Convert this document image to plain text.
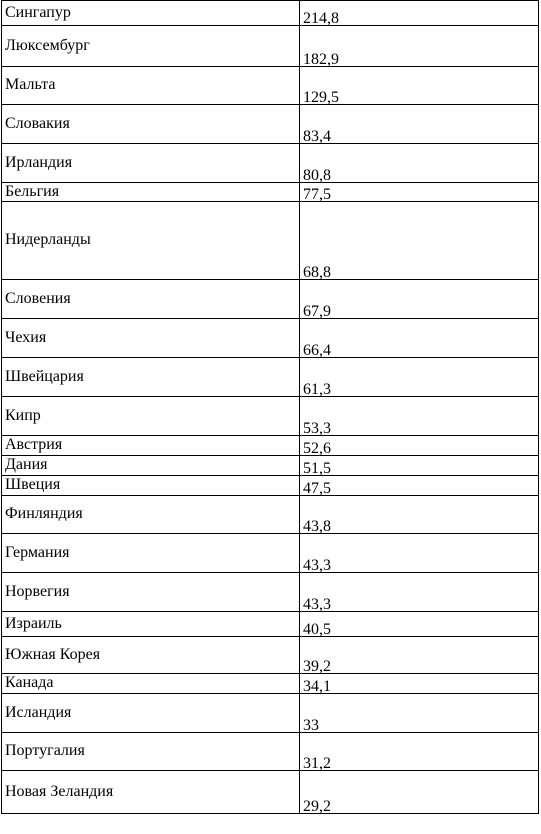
Сингапур	214,8
Люксембург	182,9
Мальта	129,5
Словакия	83,4
Ирландия	80,8
Бельгия	77,5
Нидерланды	68,8
Словения	67,9
Чехия	66,4
Швейцария	61,3
Кипр	53,3
Австрия	52,6
Дания	51,5
Швеция	47,5
Финляндия	43,8
Германия	43,3
Норвегия	43,3
Израиль	40,5
Южная Корея	39,2
Канада	34,1
Исландия	33
Португалия	31,2
Новая Зеландия	29,2
